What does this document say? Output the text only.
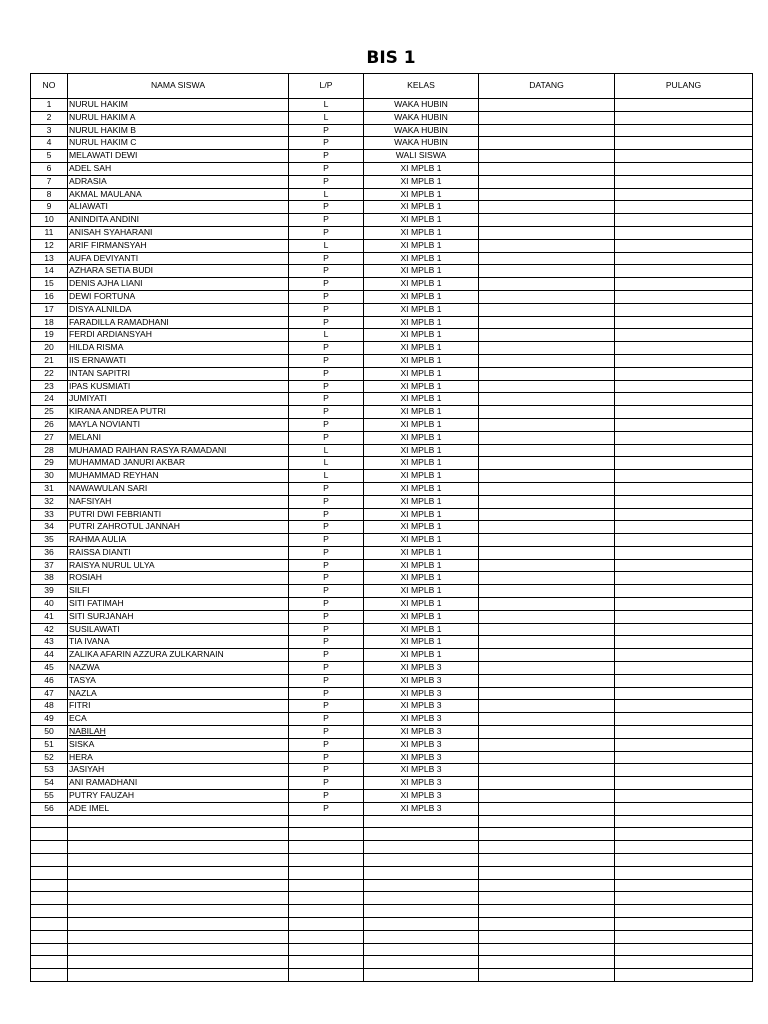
BIS 1
NO	NAMA SISWA	L/P	KELAS	DATANG	PULANG
1	NURUL HAKIM	L	WAKA HUBIN		
2	NURUL HAKIM A	L	WAKA HUBIN		
3	NURUL HAKIM B	P	WAKA HUBIN		
4	NURUL HAKIM C	P	WAKA HUBIN		
5	MELAWATI DEWI	P	WALI SISWA		
6	ADEL SAH	P	XI MPLB 1		
7	ADRASIA	P	XI MPLB 1		
8	AKMAL MAULANA	L	XI MPLB 1		
9	ALIAWATI	P	XI MPLB 1		
10	ANINDITA ANDINI	P	XI MPLB 1		
11	ANISAH SYAHARANI	P	XI MPLB 1		
12	ARIF FIRMANSYAH	L	XI MPLB 1		
13	AUFA DEVIYANTI	P	XI MPLB 1		
14	AZHARA SETIA BUDI	P	XI MPLB 1		
15	DENIS AJHA LIANI	P	XI MPLB 1		
16	DEWI FORTUNA	P	XI MPLB 1		
17	DISYA ALNILDA	P	XI MPLB 1		
18	FARADILLA RAMADHANI	P	XI MPLB 1		
19	FERDI ARDIANSYAH	L	XI MPLB 1		
20	HILDA RISMA	P	XI MPLB 1		
21	IIS ERNAWATI	P	XI MPLB 1		
22	INTAN SAPITRI	P	XI MPLB 1		
23	IPAS KUSMIATI	P	XI MPLB 1		
24	JUMIYATI	P	XI MPLB 1		
25	KIRANA ANDREA PUTRI	P	XI MPLB 1		
26	MAYLA NOVIANTI	P	XI MPLB 1		
27	MELANI	P	XI MPLB 1		
28	MUHAMAD RAIHAN RASYA RAMADANI	L	XI MPLB 1		
29	MUHAMMAD JANURI AKBAR	L	XI MPLB 1		
30	MUHAMMAD REYHAN	L	XI MPLB 1		
31	NAWAWULAN SARI	P	XI MPLB 1		
32	NAFSIYAH	P	XI MPLB 1		
33	PUTRI DWI FEBRIANTI	P	XI MPLB 1		
34	PUTRI ZAHROTUL JANNAH	P	XI MPLB 1		
35	RAHMA AULIA	P	XI MPLB 1		
36	RAISSA DIANTI	P	XI MPLB 1		
37	RAISYA NURUL ULYA	P	XI MPLB 1		
38	ROSIAH	P	XI MPLB 1		
39	SILFI	P	XI MPLB 1		
40	SITI FATIMAH	P	XI MPLB 1		
41	SITI SURJANAH	P	XI MPLB 1		
42	SUSILAWATI	P	XI MPLB 1		
43	TIA IVANA	P	XI MPLB 1		
44	ZALIKA AFARIN AZZURA ZULKARNAIN	P	XI MPLB 1		
45	NAZWA	P	XI MPLB 3		
46	TASYA	P	XI MPLB 3		
47	NAZLA	P	XI MPLB 3		
48	FITRI	P	XI MPLB 3		
49	ECA	P	XI MPLB 3		
50	NABILAH	P	XI MPLB 3		
51	SISKA	P	XI MPLB 3		
52	HERA	P	XI MPLB 3		
53	JASIYAH	P	XI MPLB 3		
54	ANI RAMADHANI	P	XI MPLB 3		
55	PUTRY FAUZAH	P	XI MPLB 3		
56	ADE IMEL	P	XI MPLB 3		
